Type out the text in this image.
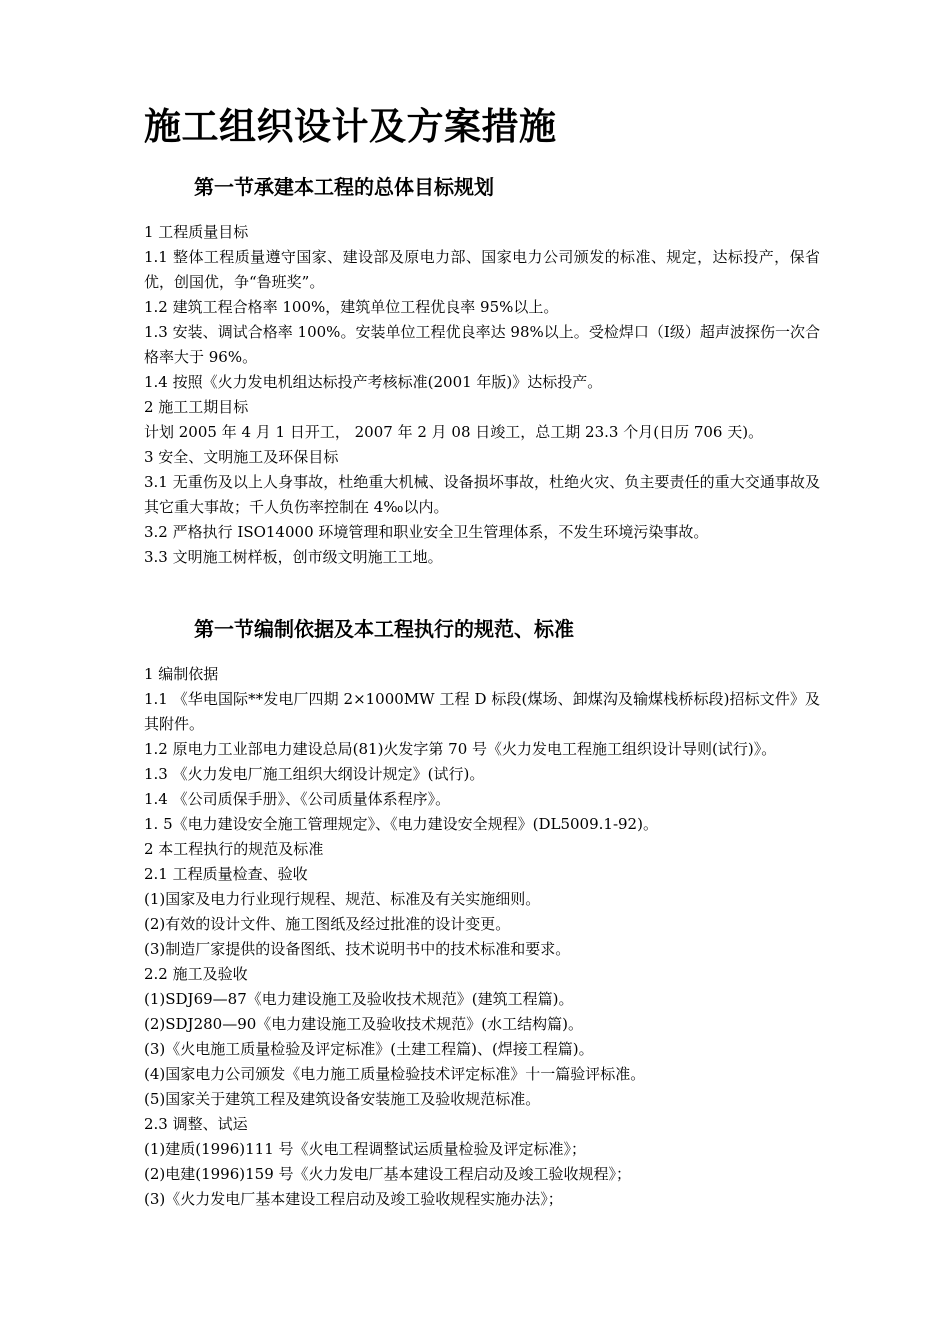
施工组织设计及方案措施
第一节承建本工程的总体目标规划

1 工程质量目标

1.1 整体工程质量遵守国家、建设部及原电力部、国家电力公司颁发的标准、规定，达标投产，保省优，创国优，争“鲁班奖”。

1.2 建筑工程合格率 100%，建筑单位工程优良率 95%以上。

1.3 安装、调试合格率 100%。安装单位工程优良率达 98%以上。受检焊口（Ⅰ级）超声波探伤一次合格率大于 96%。

1.4 按照《火力发电机组达标投产考核标准(2001 年版)》达标投产。

2 施工工期目标

计划 2005 年 4 月 1 日开工， 2007 年 2 月 08 日竣工，总工期 23.3 个月(日历 706 天)。

3 安全、文明施工及环保目标

3.1 无重伤及以上人身事故，杜绝重大机械、设备损坏事故，杜绝火灾、负主要责任的重大交通事故及其它重大事故；千人负伤率控制在 4‰以内。

3.2 严格执行 ISO14000 环境管理和职业安全卫生管理体系，不发生环境污染事故。

3.3 文明施工树样板，创市级文明施工工地。

第一节编制依据及本工程执行的规范、标准

1 编制依据

1.1 《华电国际**发电厂四期 2×1000MW 工程 D 标段(煤场、卸煤沟及输煤栈桥标段)招标文件》及其附件。

1.2 原电力工业部电力建设总局(81)火发字第 70 号《火力发电工程施工组织设计导则(试行)》。

1.3 《火力发电厂施工组织大纲设计规定》(试行)。

1.4 《公司质保手册》、《公司质量体系程序》。

1. 5《电力建设安全施工管理规定》、《电力建设安全规程》(DL5009.1-92)。

2 本工程执行的规范及标准

2.1 工程质量检查、验收

(1)国家及电力行业现行规程、规范、标准及有关实施细则。

(2)有效的设计文件、施工图纸及经过批准的设计变更。

(3)制造厂家提供的设备图纸、技术说明书中的技术标准和要求。

2.2 施工及验收

(1)SDJ69—87《电力建设施工及验收技术规范》(建筑工程篇)。

(2)SDJ280—90《电力建设施工及验收技术规范》(水工结构篇)。

(3)《火电施工质量检验及评定标准》(土建工程篇)、(焊接工程篇)。

(4)国家电力公司颁发《电力施工质量检验技术评定标准》十一篇验评标准。

(5)国家关于建筑工程及建筑设备安装施工及验收规范标准。

2.3 调整、试运

(1)建质(1996)111 号《火电工程调整试运质量检验及评定标准》；

(2)电建(1996)159 号《火力发电厂基本建设工程启动及竣工验收规程》；

(3)《火力发电厂基本建设工程启动及竣工验收规程实施办法》；
